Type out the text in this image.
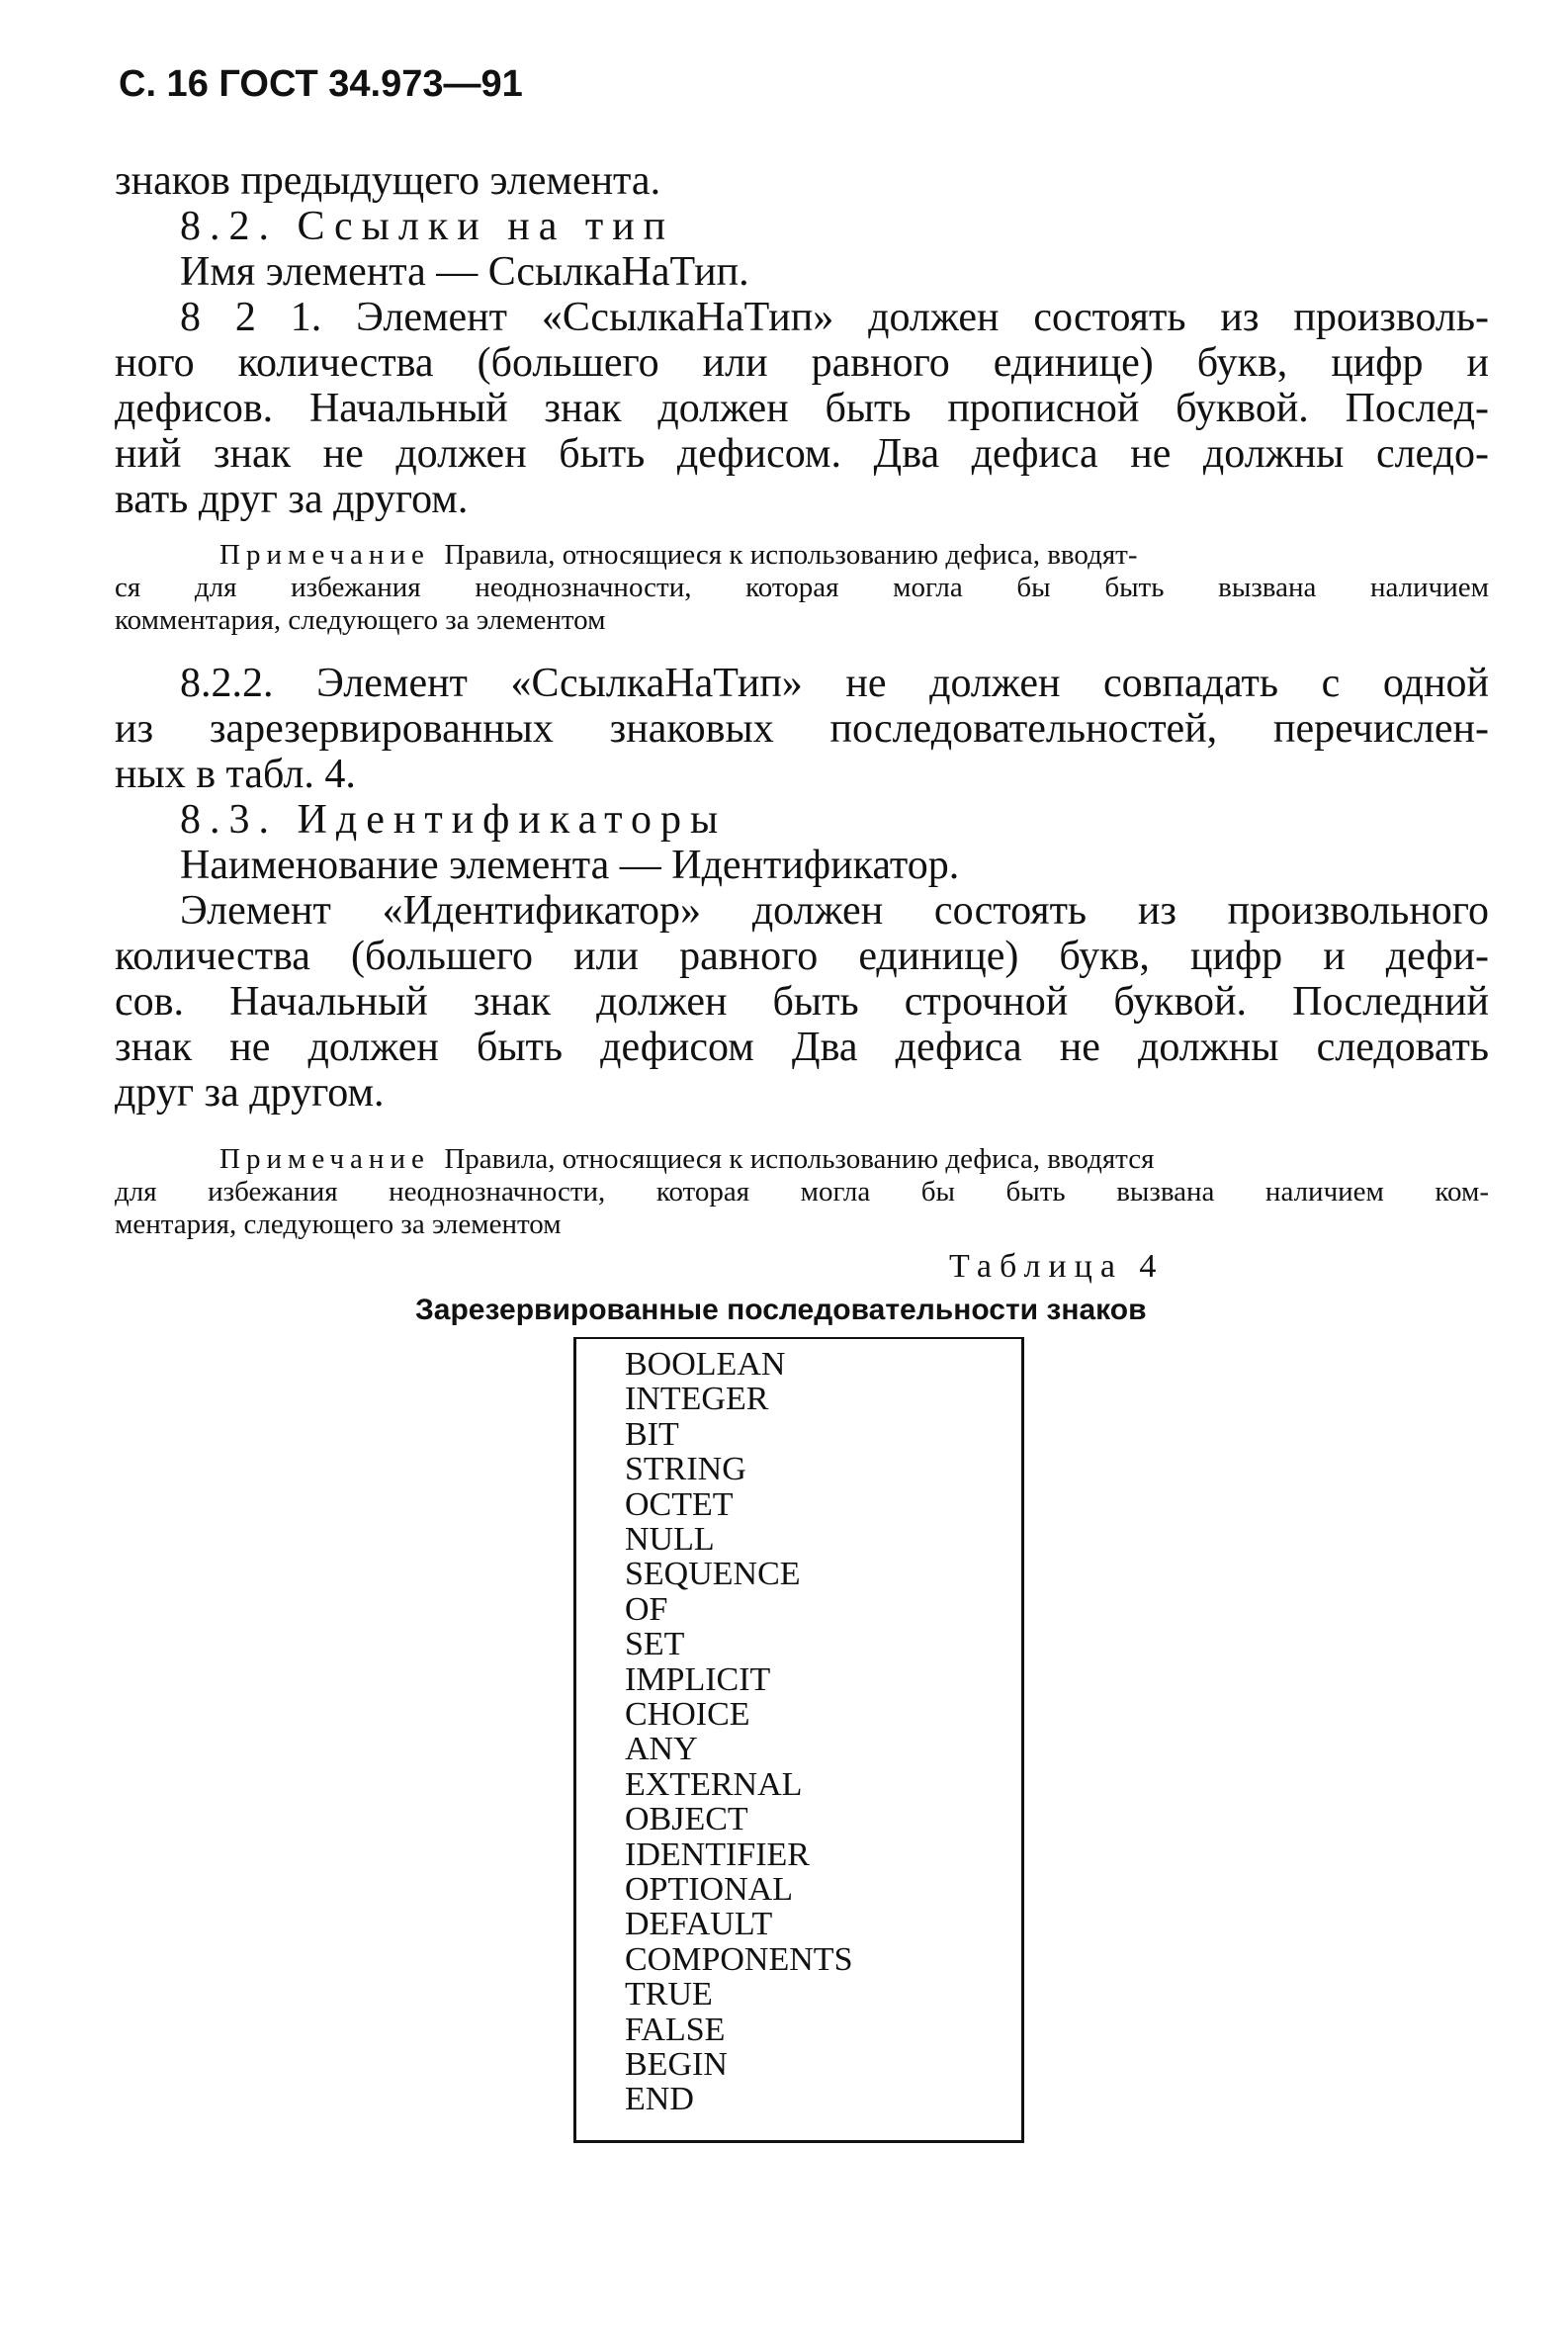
С. 16 ГОСТ 34.973—91
знаков предыдущего элемента.
8.2. Ссылки на тип
Имя элемента — СсылкаНаТип.
8 2 1. Элемент «СсылкаНаТип» должен состоять из произволь-
ного количества (большего или равного единице) букв, цифр и
дефисов. Начальный знак должен быть прописной буквой. Послед-
ний знак не должен быть дефисом. Два дефиса не должны следо-
вать друг за другом.
Примечание Правила, относящиеся к использованию дефиса, вводят-
ся для избежания неоднозначности, которая могла бы быть вызвана наличием
комментария, следующего за элементом
8.2.2. Элемент «СсылкаНаТип» не должен совпадать с одной
из зарезервированных знаковых последовательностей, перечислен-
ных в табл. 4.
8.3. Идентификаторы
Наименование элемента — Идентификатор.
Элемент «Идентификатор» должен состоять из произвольного
количества (большего или равного единице) букв, цифр и дефи-
сов. Начальный знак должен быть строчной буквой. Последний
знак не должен быть дефисом Два дефиса не должны следовать
друг за другом.
Примечание Правила, относящиеся к использованию дефиса, вводятся
для избежания неоднозначности, которая могла бы быть вызвана наличием ком-
ментария, следующего за элементом
Таблица 4
Зарезервированные последовательности знаков
BOOLEAN
INTEGER
BIT
STRING
OCTET
NULL
SEQUENCE
OF
SET
IMPLICIT
CHOICE
ANY
EXTERNAL
OBJECT
IDENTIFIER
OPTIONAL
DEFAULT
COMPONENTS
TRUE
FALSE
BEGIN
END
